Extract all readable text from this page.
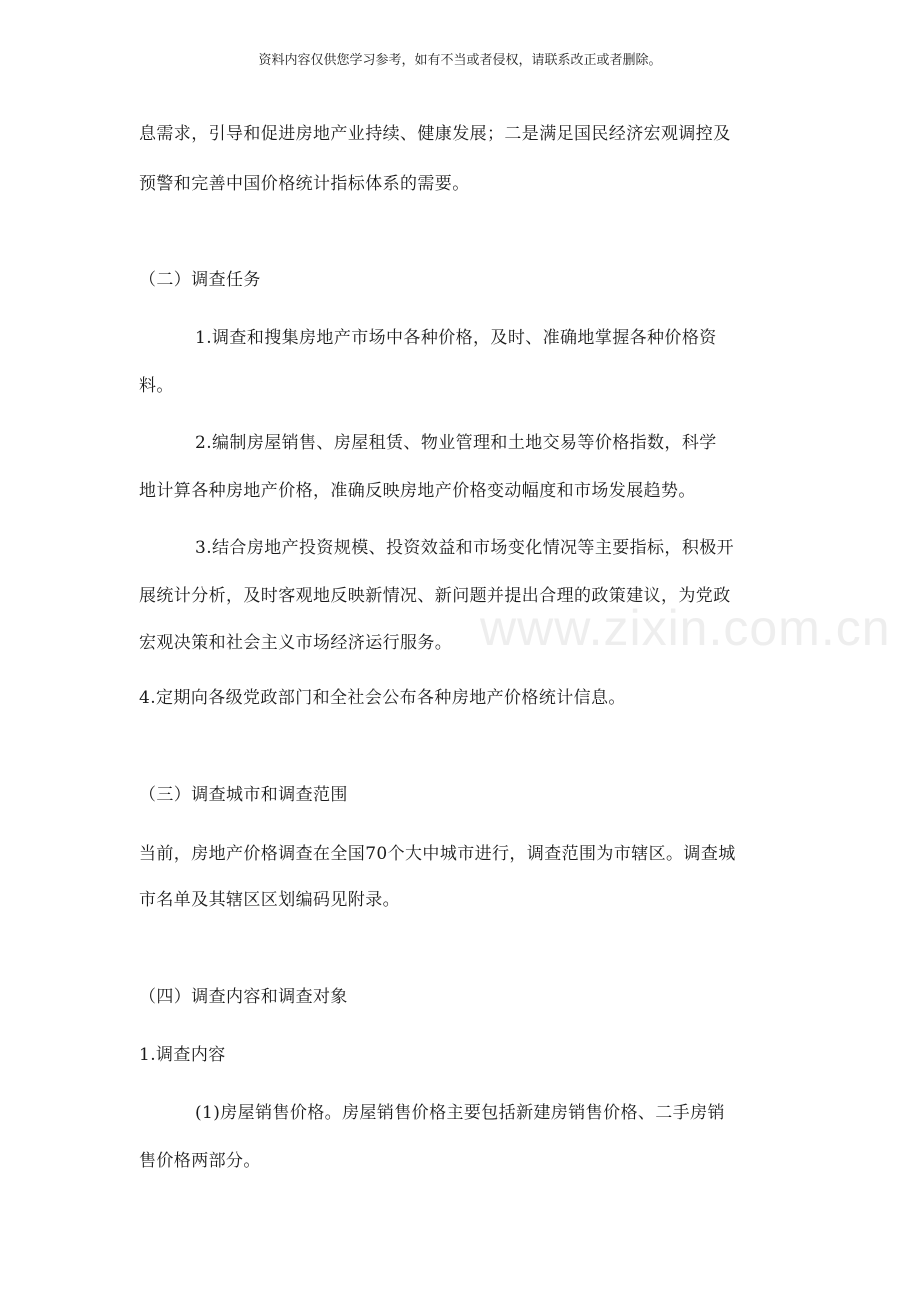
资料内容仅供您学习参考，如有不当或者侵权，请联系改正或者删除。
www.zixin.com.cn
息需求，引导和促进房地产业持续、健康发展；二是满足国民经济宏观调控及
预警和完善中国价格统计指标体系的需要。
（二）调查任务
1.调查和搜集房地产市场中各种价格，及时、准确地掌握各种价格资
料。
2.编制房屋销售、房屋租赁、物业管理和土地交易等价格指数，科学
地计算各种房地产价格，准确反映房地产价格变动幅度和市场发展趋势。
3.结合房地产投资规模、投资效益和市场变化情况等主要指标，积极开
展统计分析，及时客观地反映新情况、新问题并提出合理的政策建议，为党政
宏观决策和社会主义市场经济运行服务。
4.定期向各级党政部门和全社会公布各种房地产价格统计信息。
（三）调查城市和调查范围
当前，房地产价格调查在全国70个大中城市进行，调查范围为市辖区。调查城
市名单及其辖区区划编码见附录。
（四）调查内容和调查对象
1.调查内容
(1)房屋销售价格。房屋销售价格主要包括新建房销售价格、二手房销
售价格两部分。
